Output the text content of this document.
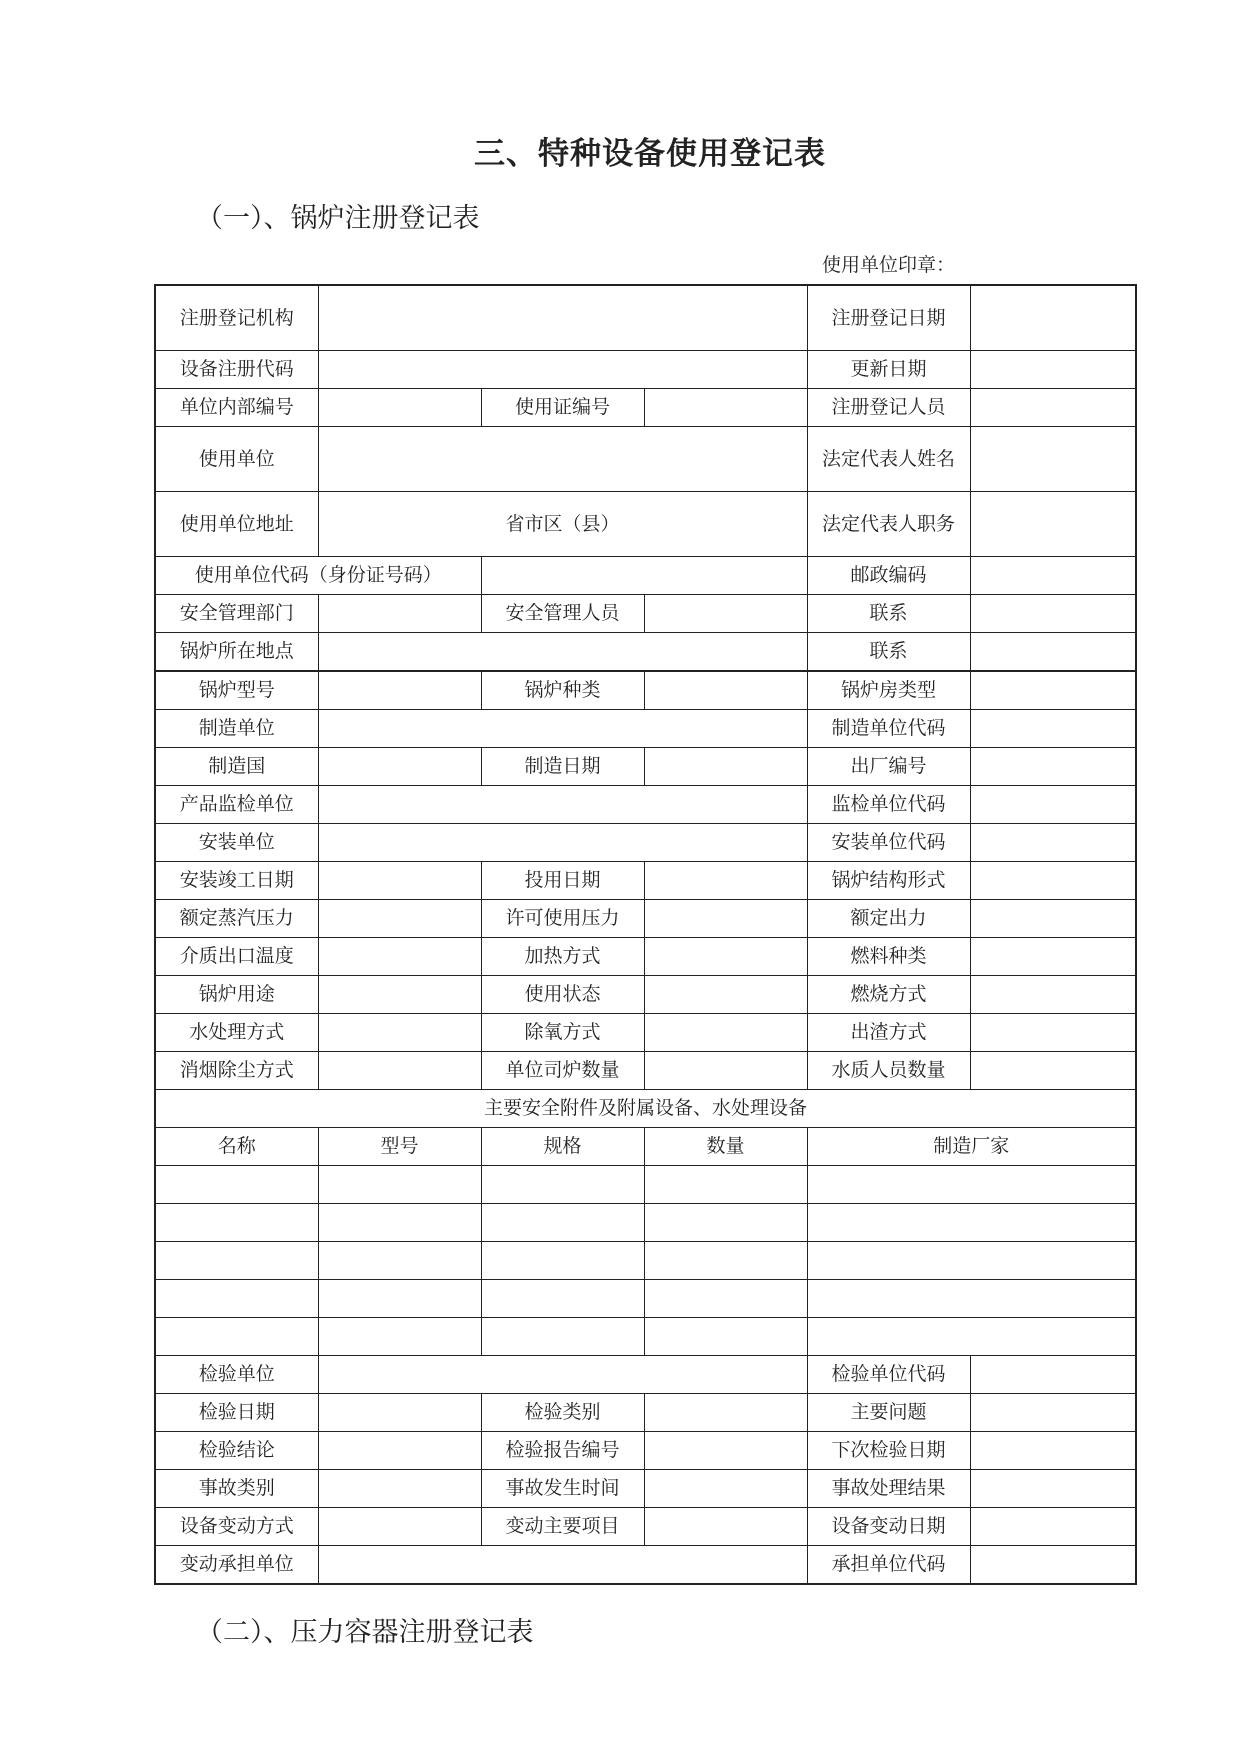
三、特种设备使用登记表
（一）、锅炉注册登记表
使用单位印章：
注册登记机构				注册登记日期	
设备注册代码				更新日期	
单位内部编号		使用证编号		注册登记人员	
使用单位				法定代表人姓名	
使用单位地址	省市区（县）			法定代表人职务	
使用单位代码（身份证号码）				邮政编码	
安全管理部门		安全管理人员		联系	
锅炉所在地点				联系	
锅炉型号		锅炉种类		锅炉房类型	
制造单位				制造单位代码	
制造国		制造日期		出厂编号	
产品监检单位				监检单位代码	
安装单位				安装单位代码	
安装竣工日期		投用日期		锅炉结构形式	
额定蒸汽压力		许可使用压力		额定出力	
介质出口温度		加热方式		燃料种类	
锅炉用途		使用状态		燃烧方式	
水处理方式		除氧方式		出渣方式	
消烟除尘方式		单位司炉数量		水质人员数量	
主要安全附件及附属设备、水处理设备					
名称	型号	规格	数量	制造厂家	

检验单位				检验单位代码	
检验日期		检验类别		主要问题	
检验结论		检验报告编号		下次检验日期	
事故类别		事故发生时间		事故处理结果	
设备变动方式		变动主要项目		设备变动日期	
变动承担单位				承担单位代码	
（二）、压力容器注册登记表
